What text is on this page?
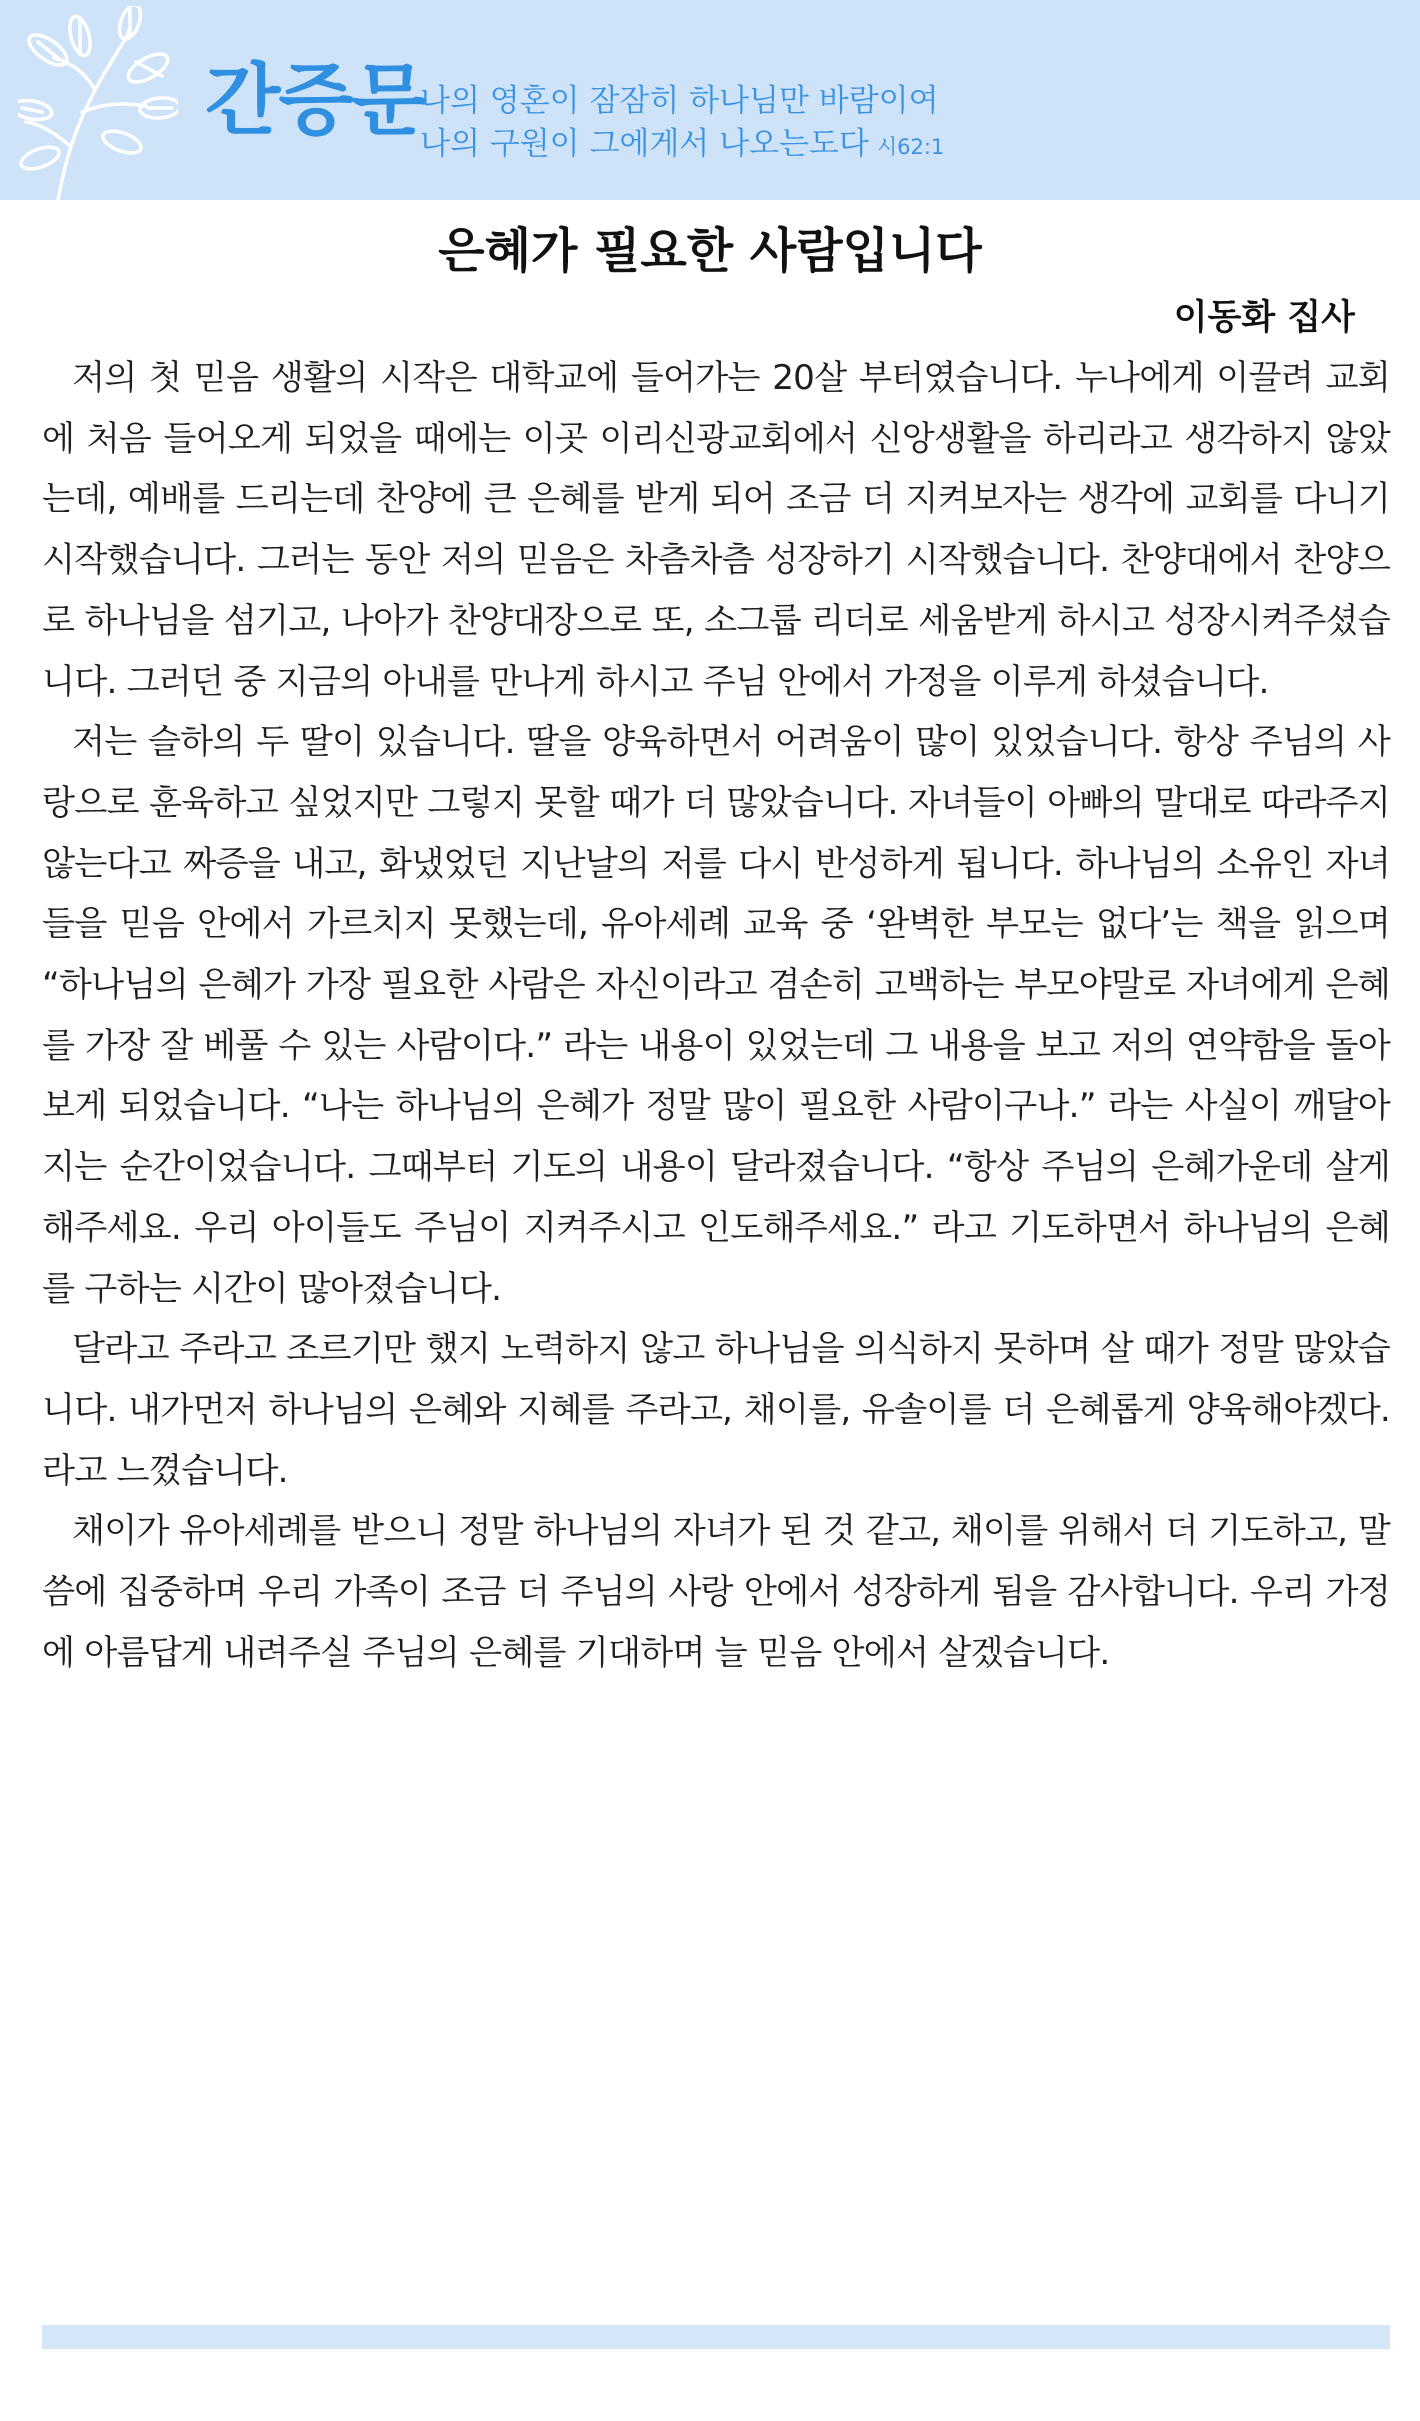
간증문
나의 영혼이 잠잠히 하나님만 바람이여
나의 구원이 그에게서 나오는도다 시62:1
은혜가 필요한 사람입니다
이동화 집사

저의 첫 믿음 생활의 시작은 대학교에 들어가는 20살 부터였습니다. 누나에게 이끌려 교회에 처음 들어오게 되었을 때에는 이곳 이리신광교회에서 신앙생활을 하리라고 생각하지 않았는데, 예배를 드리는데 찬양에 큰 은혜를 받게 되어 조금 더 지켜보자는 생각에 교회를 다니기 시작했습니다. 그러는 동안 저의 믿음은 차츰차츰 성장하기 시작했습니다. 찬양대에서 찬양으로 하나님을 섬기고, 나아가 찬양대장으로 또, 소그룹 리더로 세움받게 하시고 성장시켜주셨습니다. 그러던 중 지금의 아내를 만나게 하시고 주님 안에서 가정을 이루게 하셨습니다.

저는 슬하의 두 딸이 있습니다. 딸을 양육하면서 어려움이 많이 있었습니다. 항상 주님의 사랑으로 훈육하고 싶었지만 그렇지 못할 때가 더 많았습니다. 자녀들이 아빠의 말대로 따라주지 않는다고 짜증을 내고, 화냈었던 지난날의 저를 다시 반성하게 됩니다. 하나님의 소유인 자녀들을 믿음 안에서 가르치지 못했는데, 유아세례 교육 중 ‘완벽한 부모는 없다’는 책을 읽으며 “하나님의 은혜가 가장 필요한 사람은 자신이라고 겸손히 고백하는 부모야말로 자녀에게 은혜를 가장 잘 베풀 수 있는 사람이다.” 라는 내용이 있었는데 그 내용을 보고 저의 연약함을 돌아보게 되었습니다. “나는 하나님의 은혜가 정말 많이 필요한 사람이구나.” 라는 사실이 깨달아지는 순간이었습니다. 그때부터 기도의 내용이 달라졌습니다. “항상 주님의 은혜가운데 살게 해주세요. 우리 아이들도 주님이 지켜주시고 인도해주세요.” 라고 기도하면서 하나님의 은혜를 구하는 시간이 많아졌습니다.

달라고 주라고 조르기만 했지 노력하지 않고 하나님을 의식하지 못하며 살 때가 정말 많았습니다. 내가먼저 하나님의 은혜와 지혜를 주라고, 채이를, 유솔이를 더 은혜롭게 양육해야겠다. 라고 느꼈습니다.

채이가 유아세례를 받으니 정말 하나님의 자녀가 된 것 같고, 채이를 위해서 더 기도하고, 말씀에 집중하며 우리 가족이 조금 더 주님의 사랑 안에서 성장하게 됨을 감사합니다. 우리 가정에 아름답게 내려주실 주님의 은혜를 기대하며 늘 믿음 안에서 살겠습니다.
